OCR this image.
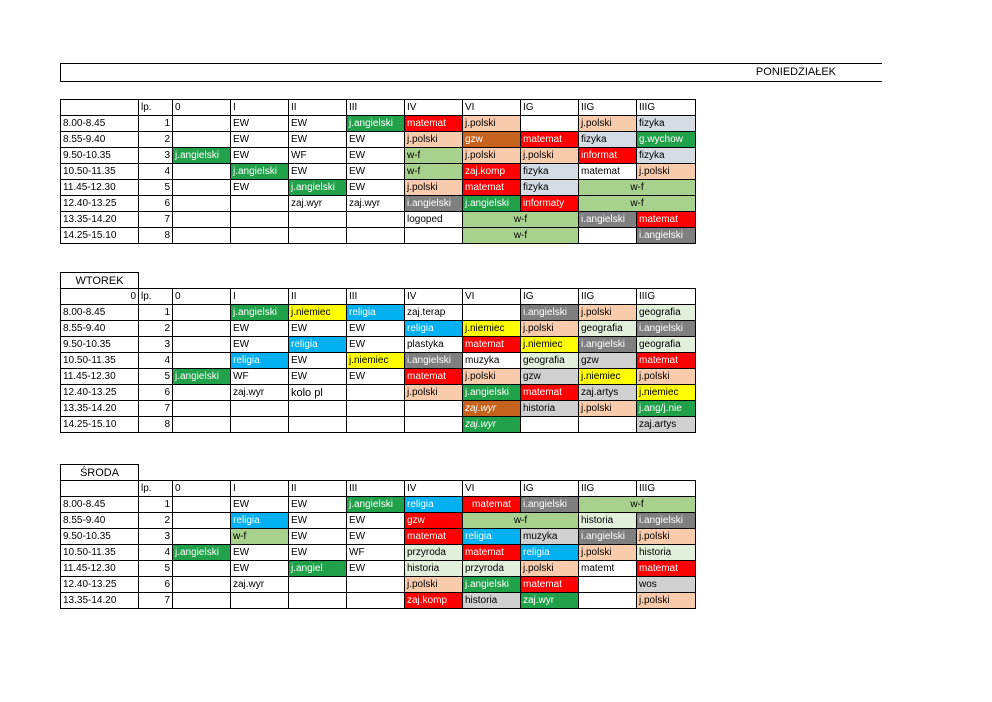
PONIEDZIAŁEK
	lp.	0	I	II	III	IV	VI	IG	IIG	IIIG
8.00-8.45	1		EW	EW	j.angielski	matemat	j.polski		j.polski	fizyka
8.55-9.40	2		EW	EW	EW	j.polski	gzw	matemat	fizyka	g.wychow
9.50-10.35	3	j.angielski	EW	WF	EW	w-f	j.polski	j.polski	informat	fizyka
10.50-11.35	4		j.angielski	EW	EW	w-f	zaj.komp	fizyka	matemat	j.polski
11.45-12.30	5		EW	j.angielski	EW	j.polski	matemat	fizyka	w-f	
12.40-13.25	6			zaj.wyr	zaj.wyr	i.angielski	j.angielski	informaty	w-f	
13.35-14.20	7					logoped	w-f		i.angielski	matemat
14.25-15.10	8						w-f			i.angielski
WTOREK										
0	lp.	0	I	II	III	IV	VI	IG	IIG	IIIG
8.00-8.45	1		j.angielski	j.niemiec	religia	zaj.terap		i.angielski	j.polski	geografia
8.55-9.40	2		EW	EW	EW	religia	j.niemiec	j.polski	geografia	i.angielski
9.50-10.35	3		EW	religia	EW	plastyka	matemat	j.niemiec	i.angielski	geografia
10.50-11.35	4		religia	EW	j.niemiec	i.angielski	muzyka	geografia	gzw	matemat
11.45-12.30	5	j.angielski	WF	EW	EW	matemat	j.polski	gzw	j.niemiec	j.polski
12.40-13.25	6		zaj.wyr	kolo pl		j.polski	j.angielski	matemat	zaj.artys	j.niemiec
13.35-14.20	7						zaj.wyr	historia	j.polski	j.ang/j.nie
14.25-15.10	8						zaj.wyr			zaj.artys
ŚRODA										
	lp.	0	I	II	III	IV	VI	IG	IIG	IIIG
8.00-8.45	1		EW	EW	j.angielski	religia	matemat	i.angielski	w-f	
8.55-9.40	2		religia	EW	EW	gzw	w-f		historia	i.angielski
9.50-10.35	3		w-f	EW	EW	matemat	religia	muzyka	i.angielski	j.polski
10.50-11.35	4	j.angielski	EW	EW	WF	przyroda	matemat	religia	j.polski	historia
11.45-12.30	5		EW	j.angiel	EW	historia	przyroda	j.polski	matemt	matemat
12.40-13.25	6		zaj.wyr			j.polski	j.angielski	matemat		wos
13.35-14.20	7					zaj.komp	historia	zaj.wyr		j.polski
